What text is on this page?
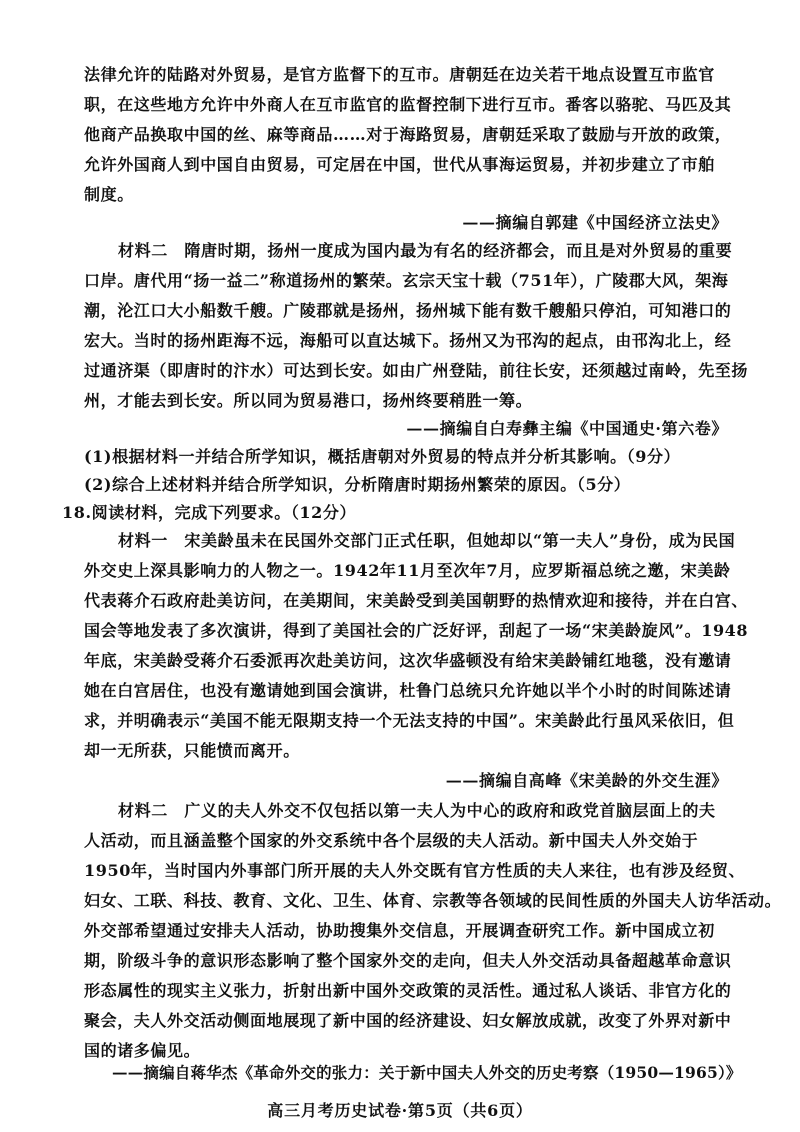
法律允许的陆路对外贸易，是官方监督下的互市。唐朝廷在边关若干地点设置互市监官
职，在这些地方允许中外商人在互市监官的监督控制下进行互市。番客以骆驼、马匹及其
他商产品换取中国的丝、麻等商品……对于海路贸易，唐朝廷采取了鼓励与开放的政策，
允许外国商人到中国自由贸易，可定居在中国，世代从事海运贸易，并初步建立了市舶
制度。
——摘编自郭建《中国经济立法史》
材料二　隋唐时期，扬州一度成为国内最为有名的经济都会，而且是对外贸易的重要
口岸。唐代用“扬一益二”称道扬州的繁荣。玄宗天宝十载（751年），广陵郡大风，架海
潮，沦江口大小船数千艘。广陵郡就是扬州，扬州城下能有数千艘船只停泊，可知港口的
宏大。当时的扬州距海不远，海船可以直达城下。扬州又为邗沟的起点，由邗沟北上，经
过通济渠（即唐时的汴水）可达到长安。如由广州登陆，前往长安，还须越过南岭，先至扬
州，才能去到长安。所以同为贸易港口，扬州终要稍胜一筹。
——摘编自白寿彝主编《中国通史·第六卷》
(1)根据材料一并结合所学知识，概括唐朝对外贸易的特点并分析其影响。（9分）
(2)综合上述材料并结合所学知识，分析隋唐时期扬州繁荣的原因。（5分）
18.阅读材料，完成下列要求。（12分）
材料一　宋美龄虽未在民国外交部门正式任职，但她却以“第一夫人”身份，成为民国
外交史上深具影响力的人物之一。1942年11月至次年7月，应罗斯福总统之邀，宋美龄
代表蒋介石政府赴美访问，在美期间，宋美龄受到美国朝野的热情欢迎和接待，并在白宫、
国会等地发表了多次演讲，得到了美国社会的广泛好评，刮起了一场“宋美龄旋风”。1948
年底，宋美龄受蒋介石委派再次赴美访问，这次华盛顿没有给宋美龄铺红地毯，没有邀请
她在白宫居住，也没有邀请她到国会演讲，杜鲁门总统只允许她以半个小时的时间陈述请
求，并明确表示“美国不能无限期支持一个无法支持的中国”。宋美龄此行虽风采依旧，但
却一无所获，只能愤而离开。
——摘编自高峰《宋美龄的外交生涯》
材料二　广义的夫人外交不仅包括以第一夫人为中心的政府和政党首脑层面上的夫
人活动，而且涵盖整个国家的外交系统中各个层级的夫人活动。新中国夫人外交始于
1950年，当时国内外事部门所开展的夫人外交既有官方性质的夫人来往，也有涉及经贸、
妇女、工联、科技、教育、文化、卫生、体育、宗教等各领域的民间性质的外国夫人访华活动。
外交部希望通过安排夫人活动，协助搜集外交信息，开展调查研究工作。新中国成立初
期，阶级斗争的意识形态影响了整个国家外交的走向，但夫人外交活动具备超越革命意识
形态属性的现实主义张力，折射出新中国外交政策的灵活性。通过私人谈话、非官方化的
聚会，夫人外交活动侧面地展现了新中国的经济建设、妇女解放成就，改变了外界对新中
国的诸多偏见。
——摘编自蒋华杰《革命外交的张力：关于新中国夫人外交的历史考察（1950—1965）》
高三月考历史试卷·第5页（共6页）
